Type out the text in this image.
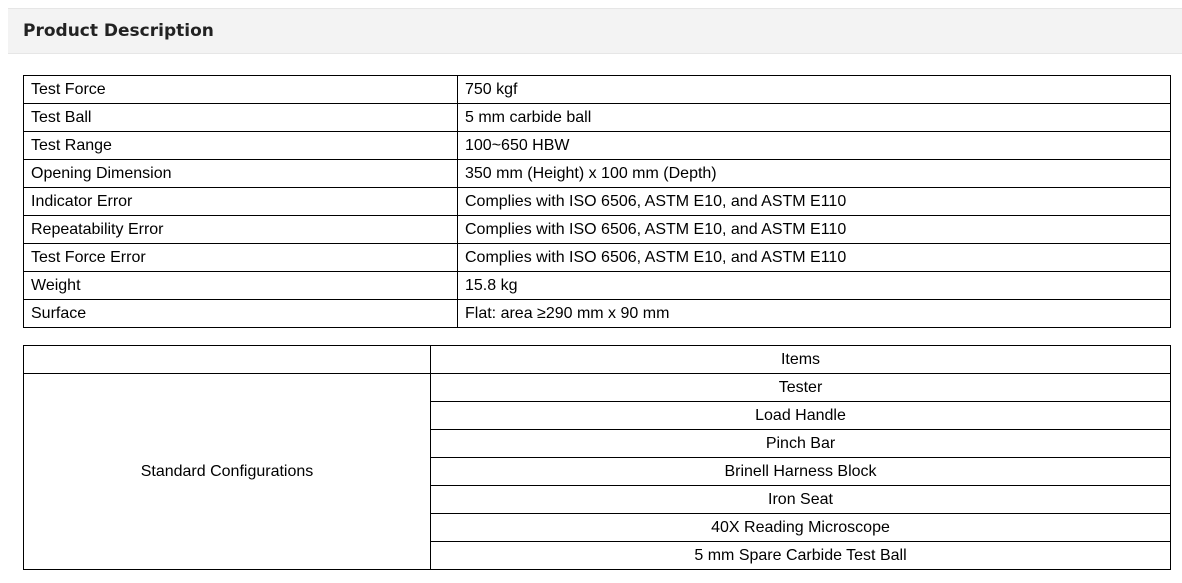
Product Description
Test Force	750 kgf
Test Ball	5 mm carbide ball
Test Range	100~650 HBW
Opening Dimension	350 mm (Height) x 100 mm (Depth)
Indicator Error	Complies with ISO 6506, ASTM E10, and ASTM E110
Repeatability Error	Complies with ISO 6506, ASTM E10, and ASTM E110
Test Force Error	Complies with ISO 6506, ASTM E10, and ASTM E110
Weight	15.8 kg
Surface	Flat: area ≥290 mm x 90 mm
	Items
Standard Configurations	Tester
	Load Handle
	Pinch Bar
	Brinell Harness Block
	Iron Seat
	40X Reading Microscope
	5 mm Spare Carbide Test Ball
